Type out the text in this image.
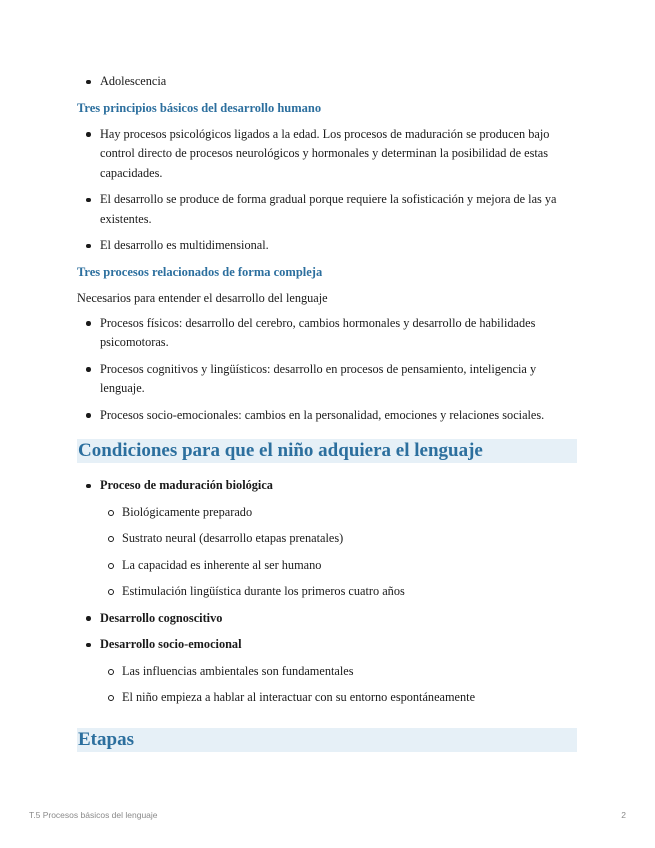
Adolescencia
Tres principios básicos del desarrollo humano
Hay procesos psicológicos ligados a la edad. Los procesos de maduración se producen bajo control directo de procesos neurológicos y hormonales y determinan la posibilidad de estas capacidades.
El desarrollo se produce de forma gradual porque requiere la sofisticación y mejora de las ya existentes.
El desarrollo es multidimensional.
Tres procesos relacionados de forma compleja

Necesarios para entender el desarrollo del lenguaje

Procesos físicos: desarrollo del cerebro, cambios hormonales y desarrollo de habilidades psicomotoras.
Procesos cognitivos y lingüísticos: desarrollo en procesos de pensamiento, inteligencia y lenguaje.
Procesos socio-emocionales: cambios en la personalidad, emociones y relaciones sociales.
Condiciones para que el niño adquiera el lenguaje
Proceso de maduración biológica
Biológicamente preparado
Sustrato neural (desarrollo etapas prenatales)
La capacidad es inherente al ser humano
Estimulación lingüística durante los primeros cuatro años
Desarrollo cognoscitivo
Desarrollo socio-emocional
Las influencias ambientales son fundamentales
El niño empieza a hablar al interactuar con su entorno espontáneamente
Etapas
T.5 Procesos básicos del lenguaje	2
